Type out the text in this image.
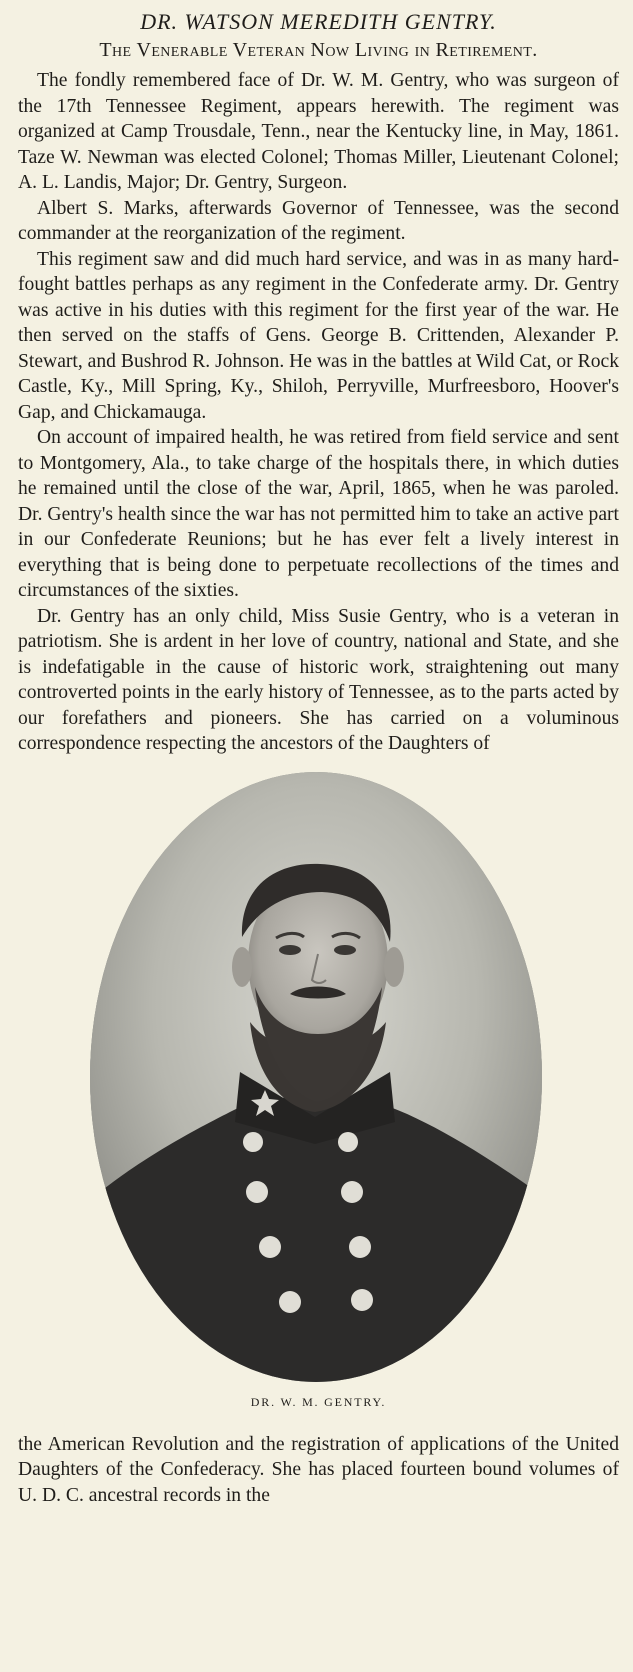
DR. WATSON MEREDITH GENTRY.
The Venerable Veteran Now Living in Retirement.

The fondly remembered face of Dr. W. M. Gentry, who was surgeon of the 17th Tennessee Regiment, appears herewith. The regiment was organized at Camp Trousdale, Tenn., near the Kentucky line, in May, 1861. Taze W. Newman was elected Colonel; Thomas Miller, Lieutenant Colonel; A. L. Landis, Major; Dr. Gentry, Surgeon.

Albert S. Marks, afterwards Governor of Tennessee, was the second commander at the reorganization of the regiment.

This regiment saw and did much hard service, and was in as many hard-fought battles perhaps as any regiment in the Confederate army. Dr. Gentry was active in his duties with this regiment for the first year of the war. He then served on the staffs of Gens. George B. Crittenden, Alexander P. Stewart, and Bushrod R. Johnson. He was in the battles at Wild Cat, or Rock Castle, Ky., Mill Spring, Ky., Shiloh, Perryville, Murfreesboro, Hoover's Gap, and Chickamauga.

On account of impaired health, he was retired from field service and sent to Montgomery, Ala., to take charge of the hospitals there, in which duties he remained until the close of the war, April, 1865, when he was paroled. Dr. Gentry's health since the war has not permitted him to take an active part in our Confederate Reunions; but he has ever felt a lively interest in everything that is being done to perpetuate recollections of the times and circumstances of the sixties.

Dr. Gentry has an only child, Miss Susie Gentry, who is a veteran in patriotism. She is ardent in her love of country, national and State, and she is indefatigable in the cause of historic work, straightening out many controverted points in the early history of Tennessee, as to the parts acted by our forefathers and pioneers. She has carried on a voluminous correspondence respecting the ancestors of the Daughters of

DR. W. M. GENTRY.

the American Revolution and the registration of applications of the United Daughters of the Confederacy. She has placed fourteen bound volumes of U. D. C. ancestral records in the
